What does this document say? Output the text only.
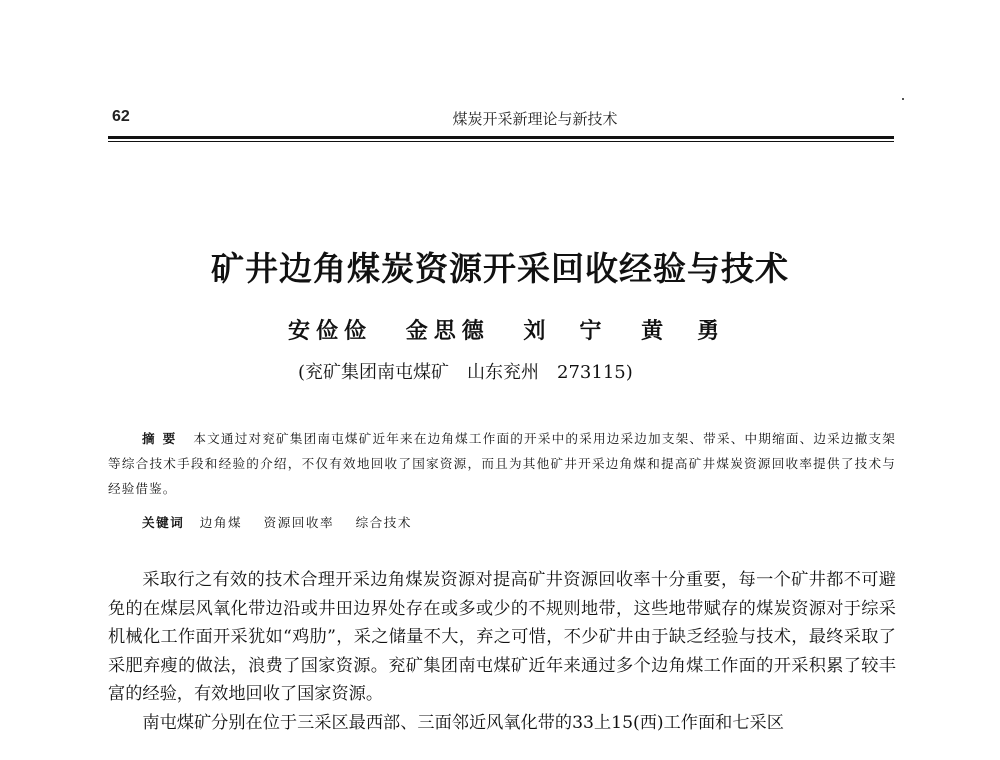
62	煤炭开采新理论与新技术
矿井边角煤炭资源开采回收经验与技术
安俭俭 金思德 刘　宁 黄　勇
(兖矿集团南屯煤矿　山东兖州　273115)
摘要 本文通过对兖矿集团南屯煤矿近年来在边角煤工作面的开采中的采用边采边加支架、带采、中期缩面、边采边撤支架等综合技术手段和经验的介绍，不仅有效地回收了国家资源，而且为其他矿井开采边角煤和提高矿井煤炭资源回收率提供了技术与经验借鉴。
关键词 边角煤 资源回收率 综合技术

采取行之有效的技术合理开采边角煤炭资源对提高矿井资源回收率十分重要，每一个矿井都不可避免的在煤层风氧化带边沿或井田边界处存在或多或少的不规则地带，这些地带赋存的煤炭资源对于综采机械化工作面开采犹如“鸡肋”，采之储量不大，弃之可惜，不少矿井由于缺乏经验与技术，最终采取了采肥弃瘦的做法，浪费了国家资源。兖矿集团南屯煤矿近年来通过多个边角煤工作面的开采积累了较丰富的经验，有效地回收了国家资源。

南屯煤矿分别在位于三采区最西部、三面邻近风氧化带的33上15(西)工作面和七采区
